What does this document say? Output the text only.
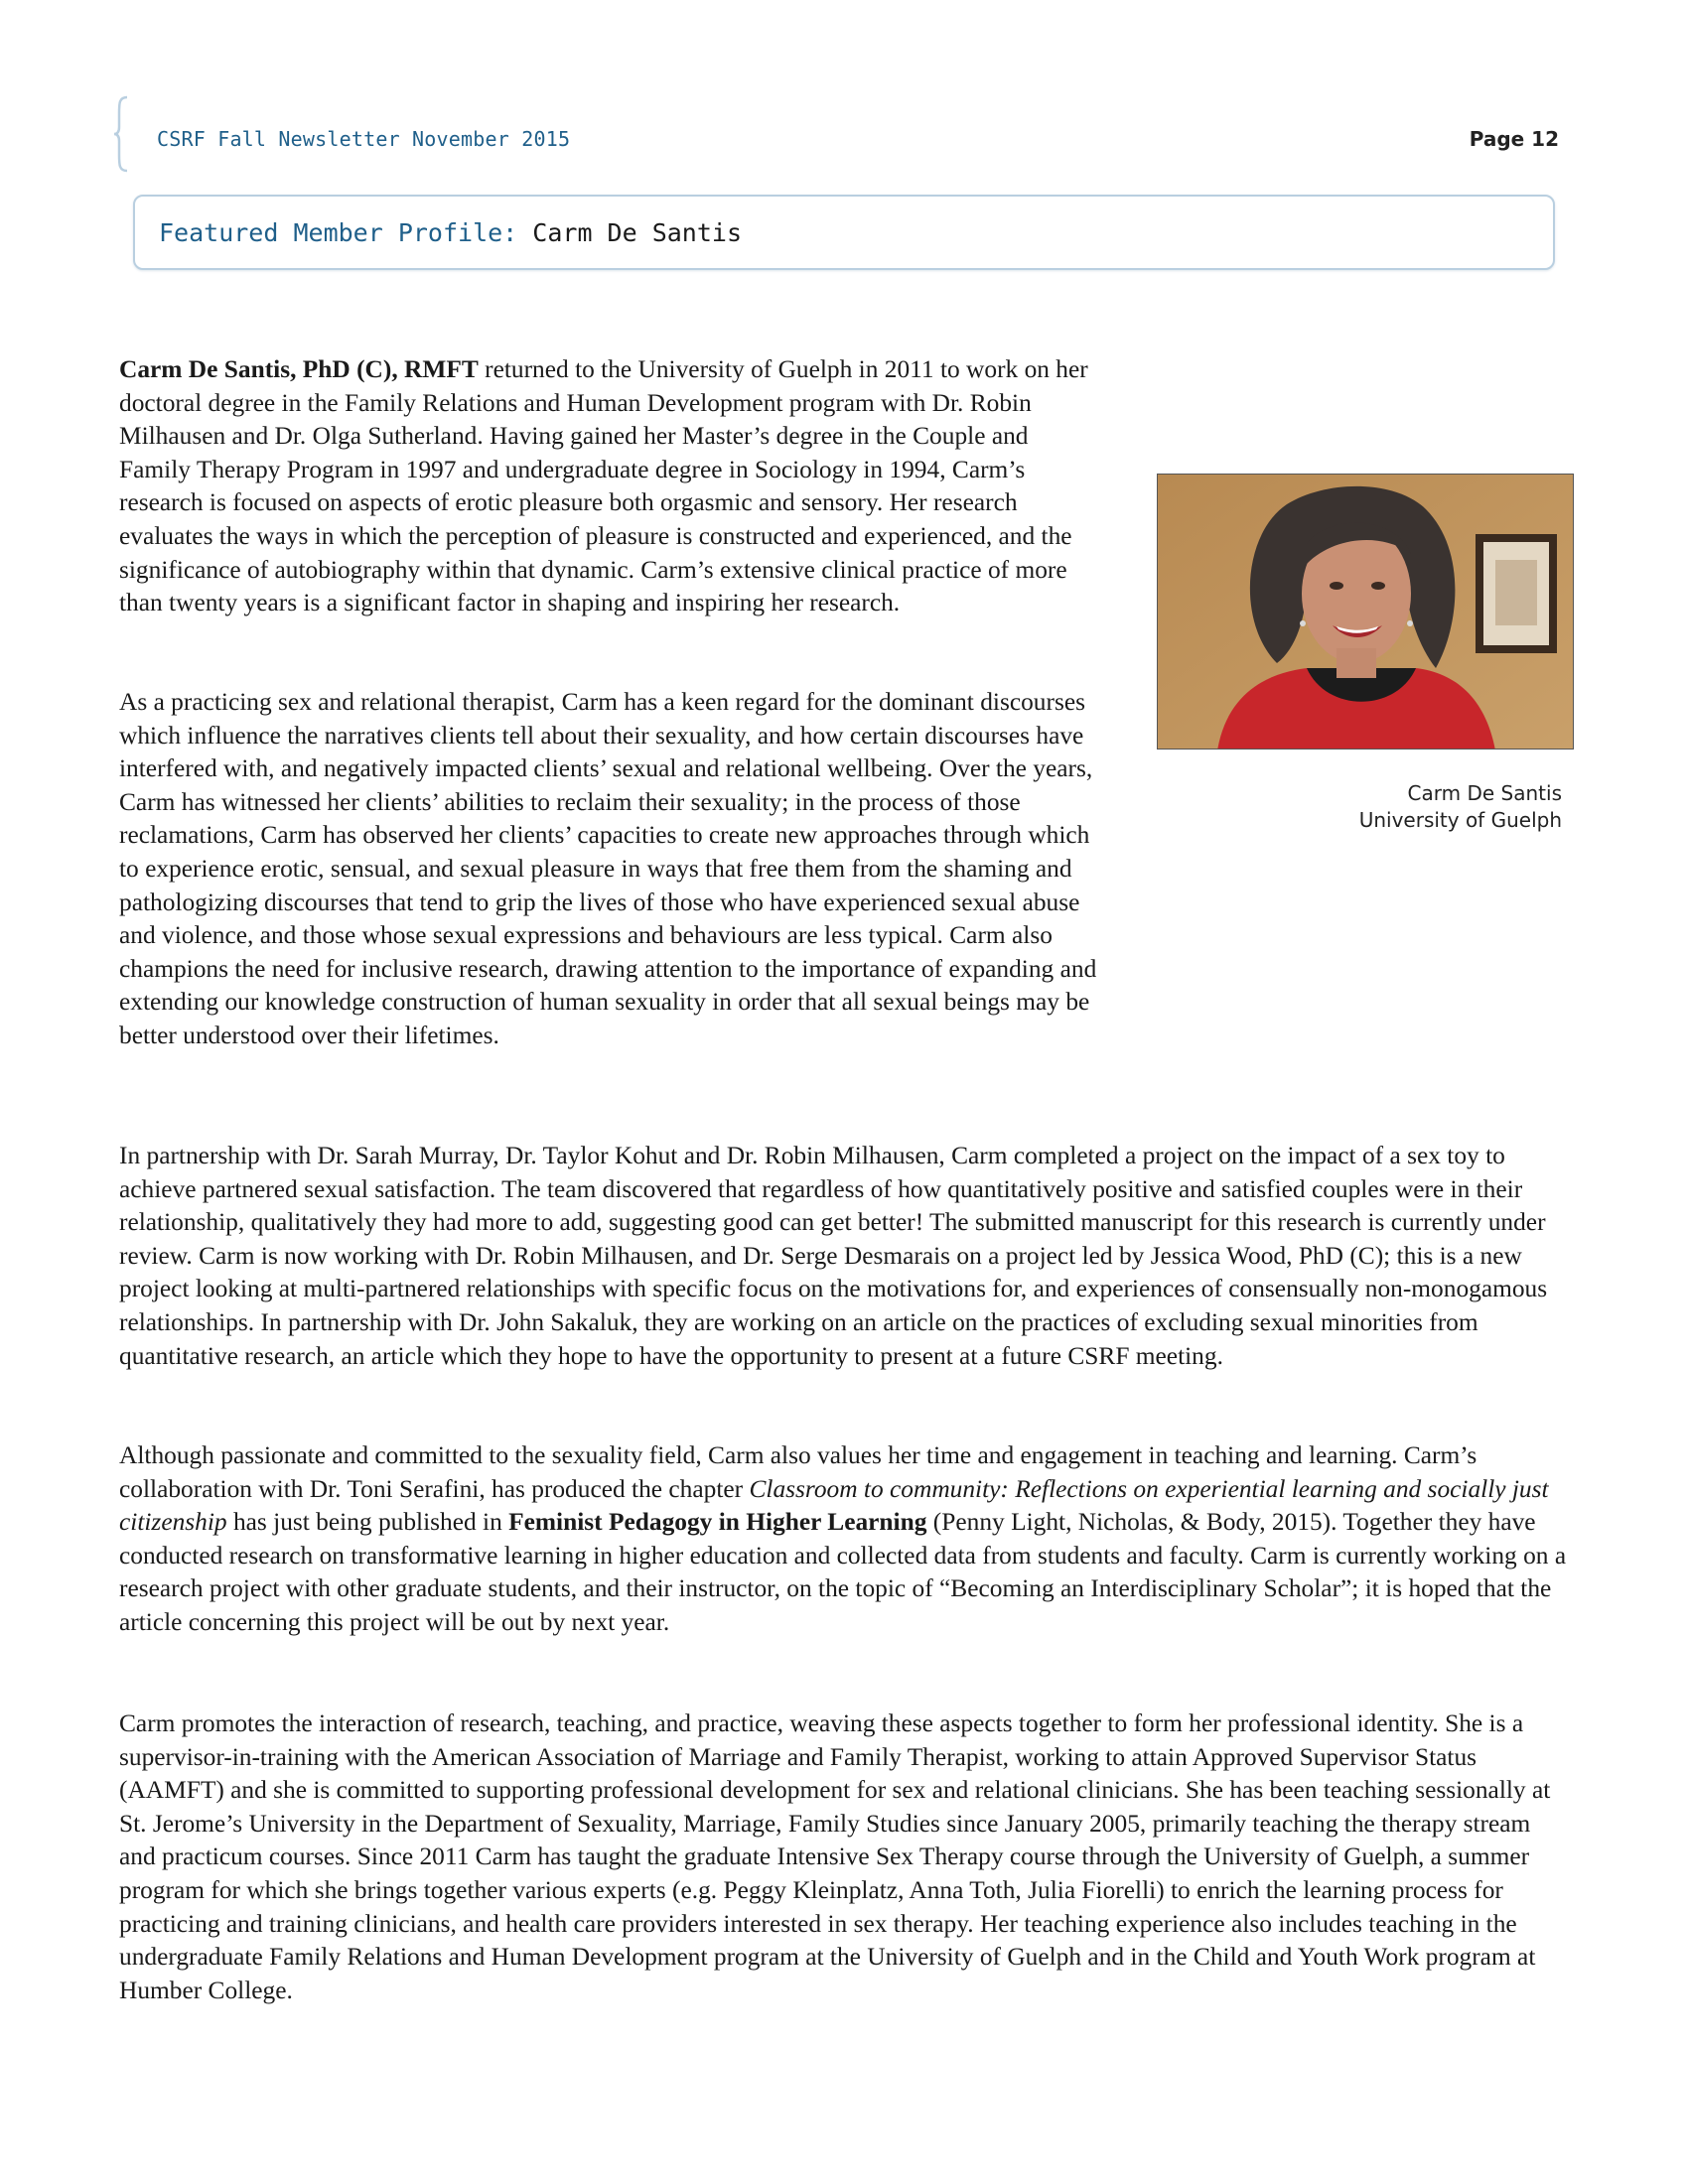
CSRF Fall Newsletter November 2015	Page 12
Featured Member Profile: Carm De Santis

Carm De Santis, PhD (C), RMFT returned to the University of Guelph in 2011 to work on her doctoral degree in the Family Relations and Human Development program with Dr. Robin Milhausen and Dr. Olga Sutherland. Having gained her Master’s degree in the Couple and Family Therapy Program in 1997 and undergraduate degree in Sociology in 1994, Carm’s research is focused on aspects of erotic pleasure both orgasmic and sensory. Her research evaluates the ways in which the perception of pleasure is constructed and experienced, and the significance of autobiography within that dynamic. Carm’s extensive clinical practice of more than twenty years is a significant factor in shaping and inspiring her research.

As a practicing sex and relational therapist, Carm has a keen regard for the dominant discourses which influence the narratives clients tell about their sexuality, and how certain discourses have interfered with, and negatively impacted clients’ sexual and relational wellbeing. Over the years, Carm has witnessed her clients’ abilities to reclaim their sexuality; in the process of those reclamations, Carm has observed her clients’ capacities to create new approaches through which to experience erotic, sensual, and sexual pleasure in ways that free them from the shaming and pathologizing discourses that tend to grip the lives of those who have experienced sexual abuse and violence, and those whose sexual expressions and behaviours are less typical. Carm also champions the need for inclusive research, drawing attention to the importance of expanding and extending our knowledge construction of human sexuality in order that all sexual beings may be better understood over their lifetimes.

Carm De Santis
University of Guelph

In partnership with Dr. Sarah Murray, Dr. Taylor Kohut and Dr. Robin Milhausen, Carm completed a project on the impact of a sex toy to achieve partnered sexual satisfaction. The team discovered that regardless of how quantitatively positive and satisfied couples were in their relationship, qualitatively they had more to add, suggesting good can get better! The submitted manuscript for this research is currently under review. Carm is now working with Dr. Robin Milhausen, and Dr. Serge Desmarais on a project led by Jessica Wood, PhD (C); this is a new project looking at multi-partnered relationships with specific focus on the motivations for, and experiences of consensually non-monogamous relationships. In partnership with Dr. John Sakaluk, they are working on an article on the practices of excluding sexual minorities from quantitative research, an article which they hope to have the opportunity to present at a future CSRF meeting.

Although passionate and committed to the sexuality field, Carm also values her time and engagement in teaching and learning. Carm’s collaboration with Dr. Toni Serafini, has produced the chapter Classroom to community: Reflections on experiential learning and socially just citizenship has just being published in Feminist Pedagogy in Higher Learning (Penny Light, Nicholas, & Body, 2015). Together they have conducted research on transformative learning in higher education and collected data from students and faculty. Carm is currently working on a research project with other graduate students, and their instructor, on the topic of “Becoming an Interdisciplinary Scholar”; it is hoped that the article concerning this project will be out by next year.

Carm promotes the interaction of research, teaching, and practice, weaving these aspects together to form her professional identity. She is a supervisor-in-training with the American Association of Marriage and Family Therapist, working to attain Approved Supervisor Status (AAMFT) and she is committed to supporting professional development for sex and relational clinicians. She has been teaching sessionally at St. Jerome’s University in the Department of Sexuality, Marriage, Family Studies since January 2005, primarily teaching the therapy stream and practicum courses. Since 2011 Carm has taught the graduate Intensive Sex Therapy course through the University of Guelph, a summer program for which she brings together various experts (e.g. Peggy Kleinplatz, Anna Toth, Julia Fiorelli) to enrich the learning process for practicing and training clinicians, and health care providers interested in sex therapy. Her teaching experience also includes teaching in the undergraduate Family Relations and Human Development program at the University of Guelph and in the Child and Youth Work program at Humber College.
